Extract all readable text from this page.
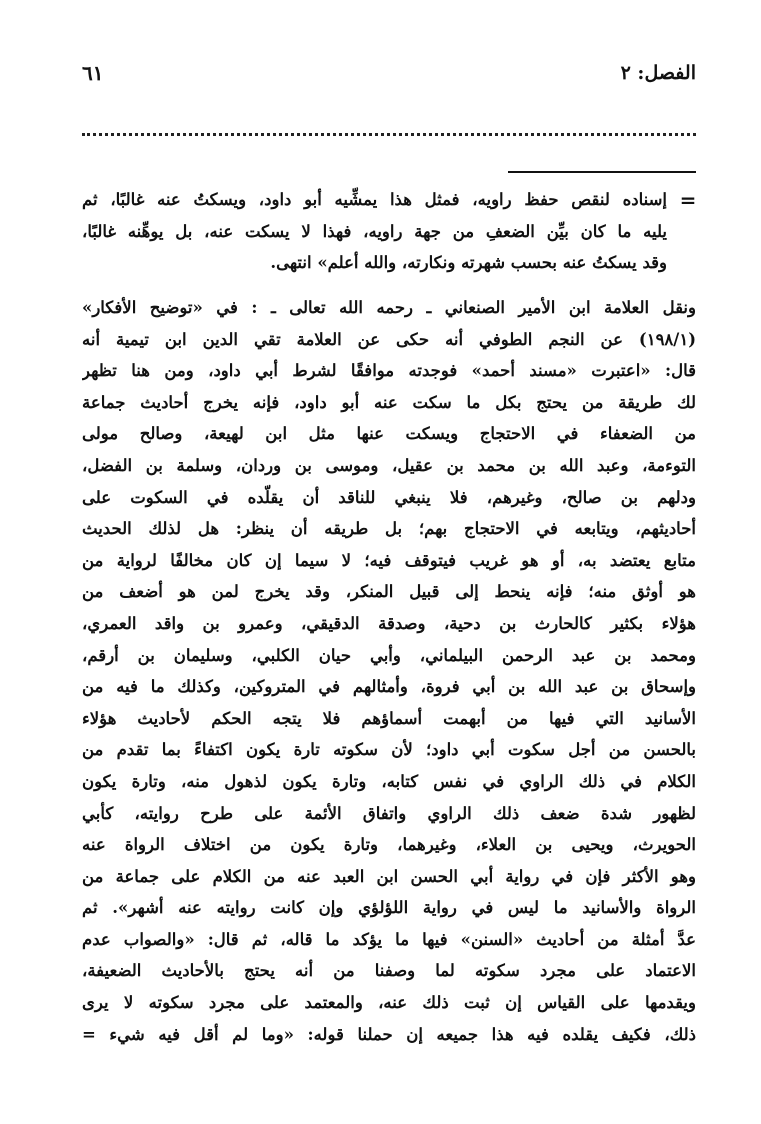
الفصل: ٢
٦١
=
إسناده لنقص حفظ راويه، فمثل هذا يمشِّيه أبو داود، ويسكتُ عنه غالبًا، ثم
يليه ما كان بيِّن الضعفِ من جهة راويه، فهذا لا يسكت عنه، بل يوهِّنه غالبًا،
وقد يسكتُ عنه بحسب شهرته ونكارته، والله أعلم» انتهى.
ونقل العلامة ابن الأمير الصنعاني ـ رحمه الله تعالى ـ : في «توضيح الأفكار»
(١٩٨/١) عن النجم الطوفي أنه حكى عن العلامة تقي الدين ابن تيمية أنه
قال: «اعتبرت «مسند أحمد» فوجدته موافقًا لشرط أبي داود، ومن هنا تظهر
لك طريقة من يحتج بكل ما سكت عنه أبو داود، فإنه يخرج أحاديث جماعة
من الضعفاء في الاحتجاج ويسكت عنها مثل ابن لهيعة، وصالح مولى
التوءمة، وعبد الله بن محمد بن عقيل، وموسى بن وردان، وسلمة بن الفضل،
ودلهم بن صالح، وغيرهم، فلا ينبغي للناقد أن يقلّده في السكوت على
أحاديثهم، ويتابعه في الاحتجاج بهم؛ بل طريقه أن ينظر: هل لذلك الحديث
متابع يعتضد به، أو هو غريب فيتوقف فيه؛ لا سيما إن كان مخالفًا لرواية من
هو أوثق منه؛ فإنه ينحط إلى قبيل المنكر، وقد يخرج لمن هو أضعف من
هؤلاء بكثير كالحارث بن دحية، وصدقة الدقيقي، وعمرو بن واقد العمري،
ومحمد بن عبد الرحمن البيلماني، وأبي حيان الكلبي، وسليمان بن أرقم،
وإسحاق بن عبد الله بن أبي فروة، وأمثالهم في المتروكين، وكذلك ما فيه من
الأسانيد التي فيها من أبهمت أسماؤهم فلا يتجه الحكم لأحاديث هؤلاء
بالحسن من أجل سكوت أبي داود؛ لأن سكوته تارة يكون اكتفاءً بما تقدم من
الكلام في ذلك الراوي في نفس كتابه، وتارة يكون لذهول منه، وتارة يكون
لظهور شدة ضعف ذلك الراوي واتفاق الأئمة على طرح روايته، كأبي
الحويرث، ويحيى بن العلاء، وغيرهما، وتارة يكون من اختلاف الرواة عنه
وهو الأكثر فإن في رواية أبي الحسن ابن العبد عنه من الكلام على جماعة من
الرواة والأسانيد ما ليس في رواية اللؤلؤي وإن كانت روايته عنه أشهر». ثم
عدَّ أمثلة من أحاديث «السنن» فيها ما يؤكد ما قاله، ثم قال: «والصواب عدم
الاعتماد على مجرد سكوته لما وصفنا من أنه يحتج بالأحاديث الضعيفة،
ويقدمها على القياس إن ثبت ذلك عنه، والمعتمد على مجرد سكوته لا يرى
ذلك، فكيف يقلده فيه هذا جميعه إن حملنا قوله: «وما لم أقل فيه شيء =
